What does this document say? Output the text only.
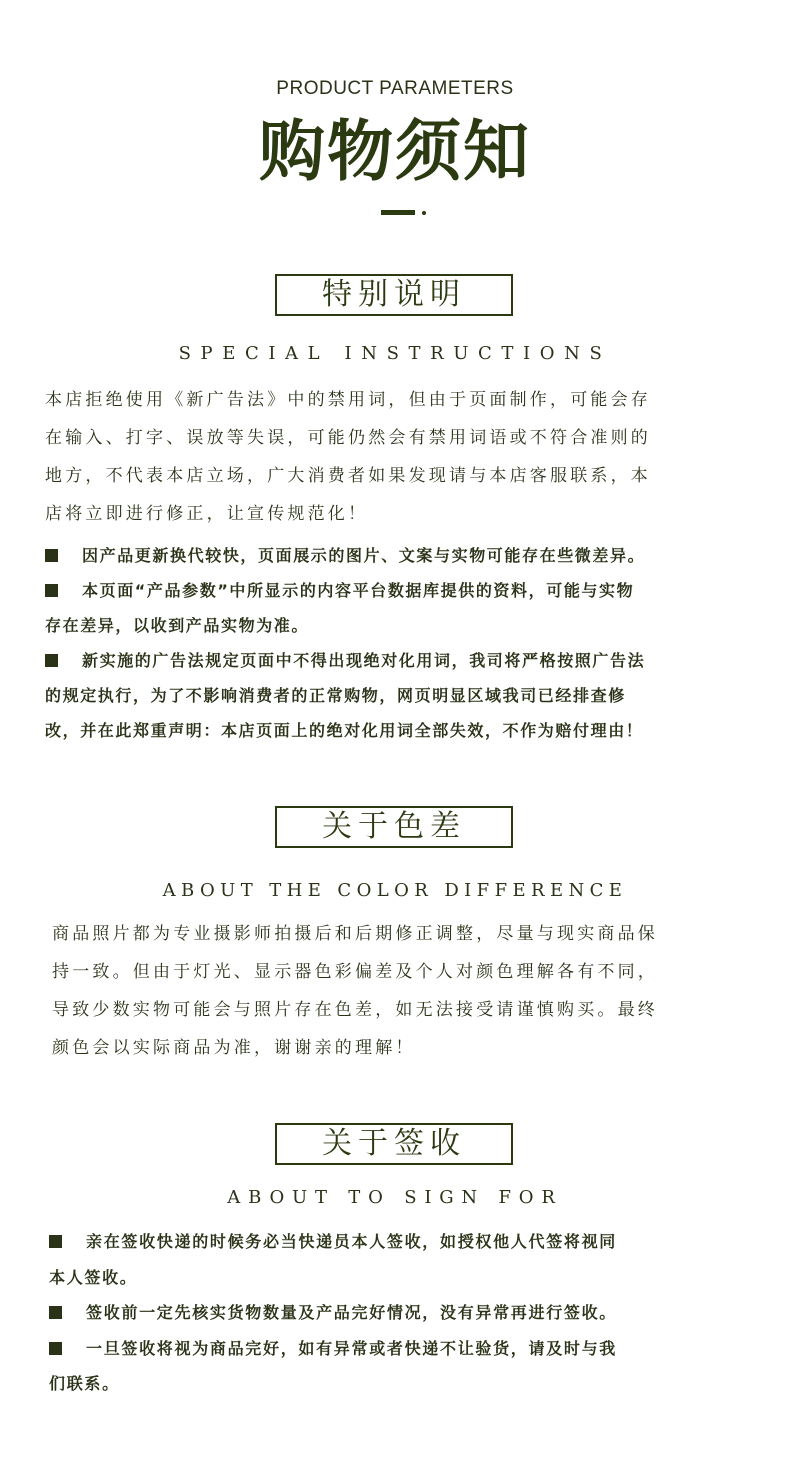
PRODUCT PARAMETERS
购物须知
特别说明
SPECIAL INSTRUCTIONS
本店拒绝使用《新广告法》中的禁用词，但由于页面制作，可能会存
在输入、打字、误放等失误，可能仍然会有禁用词语或不符合准则的
地方，不代表本店立场，广大消费者如果发现请与本店客服联系，本
店将立即进行修正，让宣传规范化！
因产品更新换代较快，页面展示的图片、文案与实物可能存在些微差异。
本页面“产品参数”中所显示的内容平台数据库提供的资料，可能与实物
存在差异，以收到产品实物为准。
新实施的广告法规定页面中不得出现绝对化用词，我司将严格按照广告法
的规定执行，为了不影响消费者的正常购物，网页明显区域我司已经排查修
改，并在此郑重声明：本店页面上的绝对化用词全部失效，不作为赔付理由！
关于色差
ABOUT THE COLOR DIFFERENCE
商品照片都为专业摄影师拍摄后和后期修正调整，尽量与现实商品保
持一致。但由于灯光、显示器色彩偏差及个人对颜色理解各有不同，
导致少数实物可能会与照片存在色差，如无法接受请谨慎购买。最终
颜色会以实际商品为准，谢谢亲的理解！
关于签收
ABOUT TO SIGN FOR
亲在签收快递的时候务必当快递员本人签收，如授权他人代签将视同
本人签收。
签收前一定先核实货物数量及产品完好情况，没有异常再进行签收。
一旦签收将视为商品完好，如有异常或者快递不让验货，请及时与我
们联系。
